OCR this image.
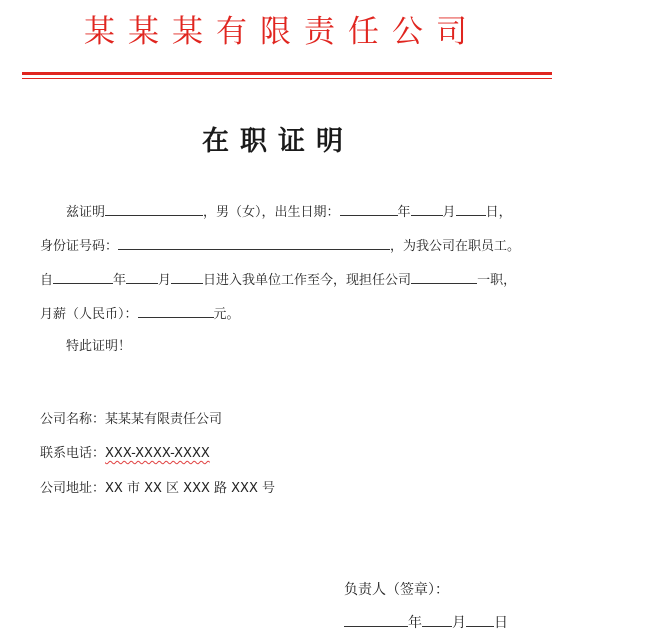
某某某有限责任公司
在职证明
兹证明	，男（女），出生日期：	年 月 日，
身份证号码：	，为我公司在职员工。
自	年 月 日进入我单位工作至今，现担任公司	一职，
月薪（人民币）：	元。
特此证明！
公司名称：某某某有限责任公司
联系电话：XXX-XXXX-XXXX
公司地址：XX 市 XX 区 XXX 路 XXX 号
负责人（签章）：
年 月 日
